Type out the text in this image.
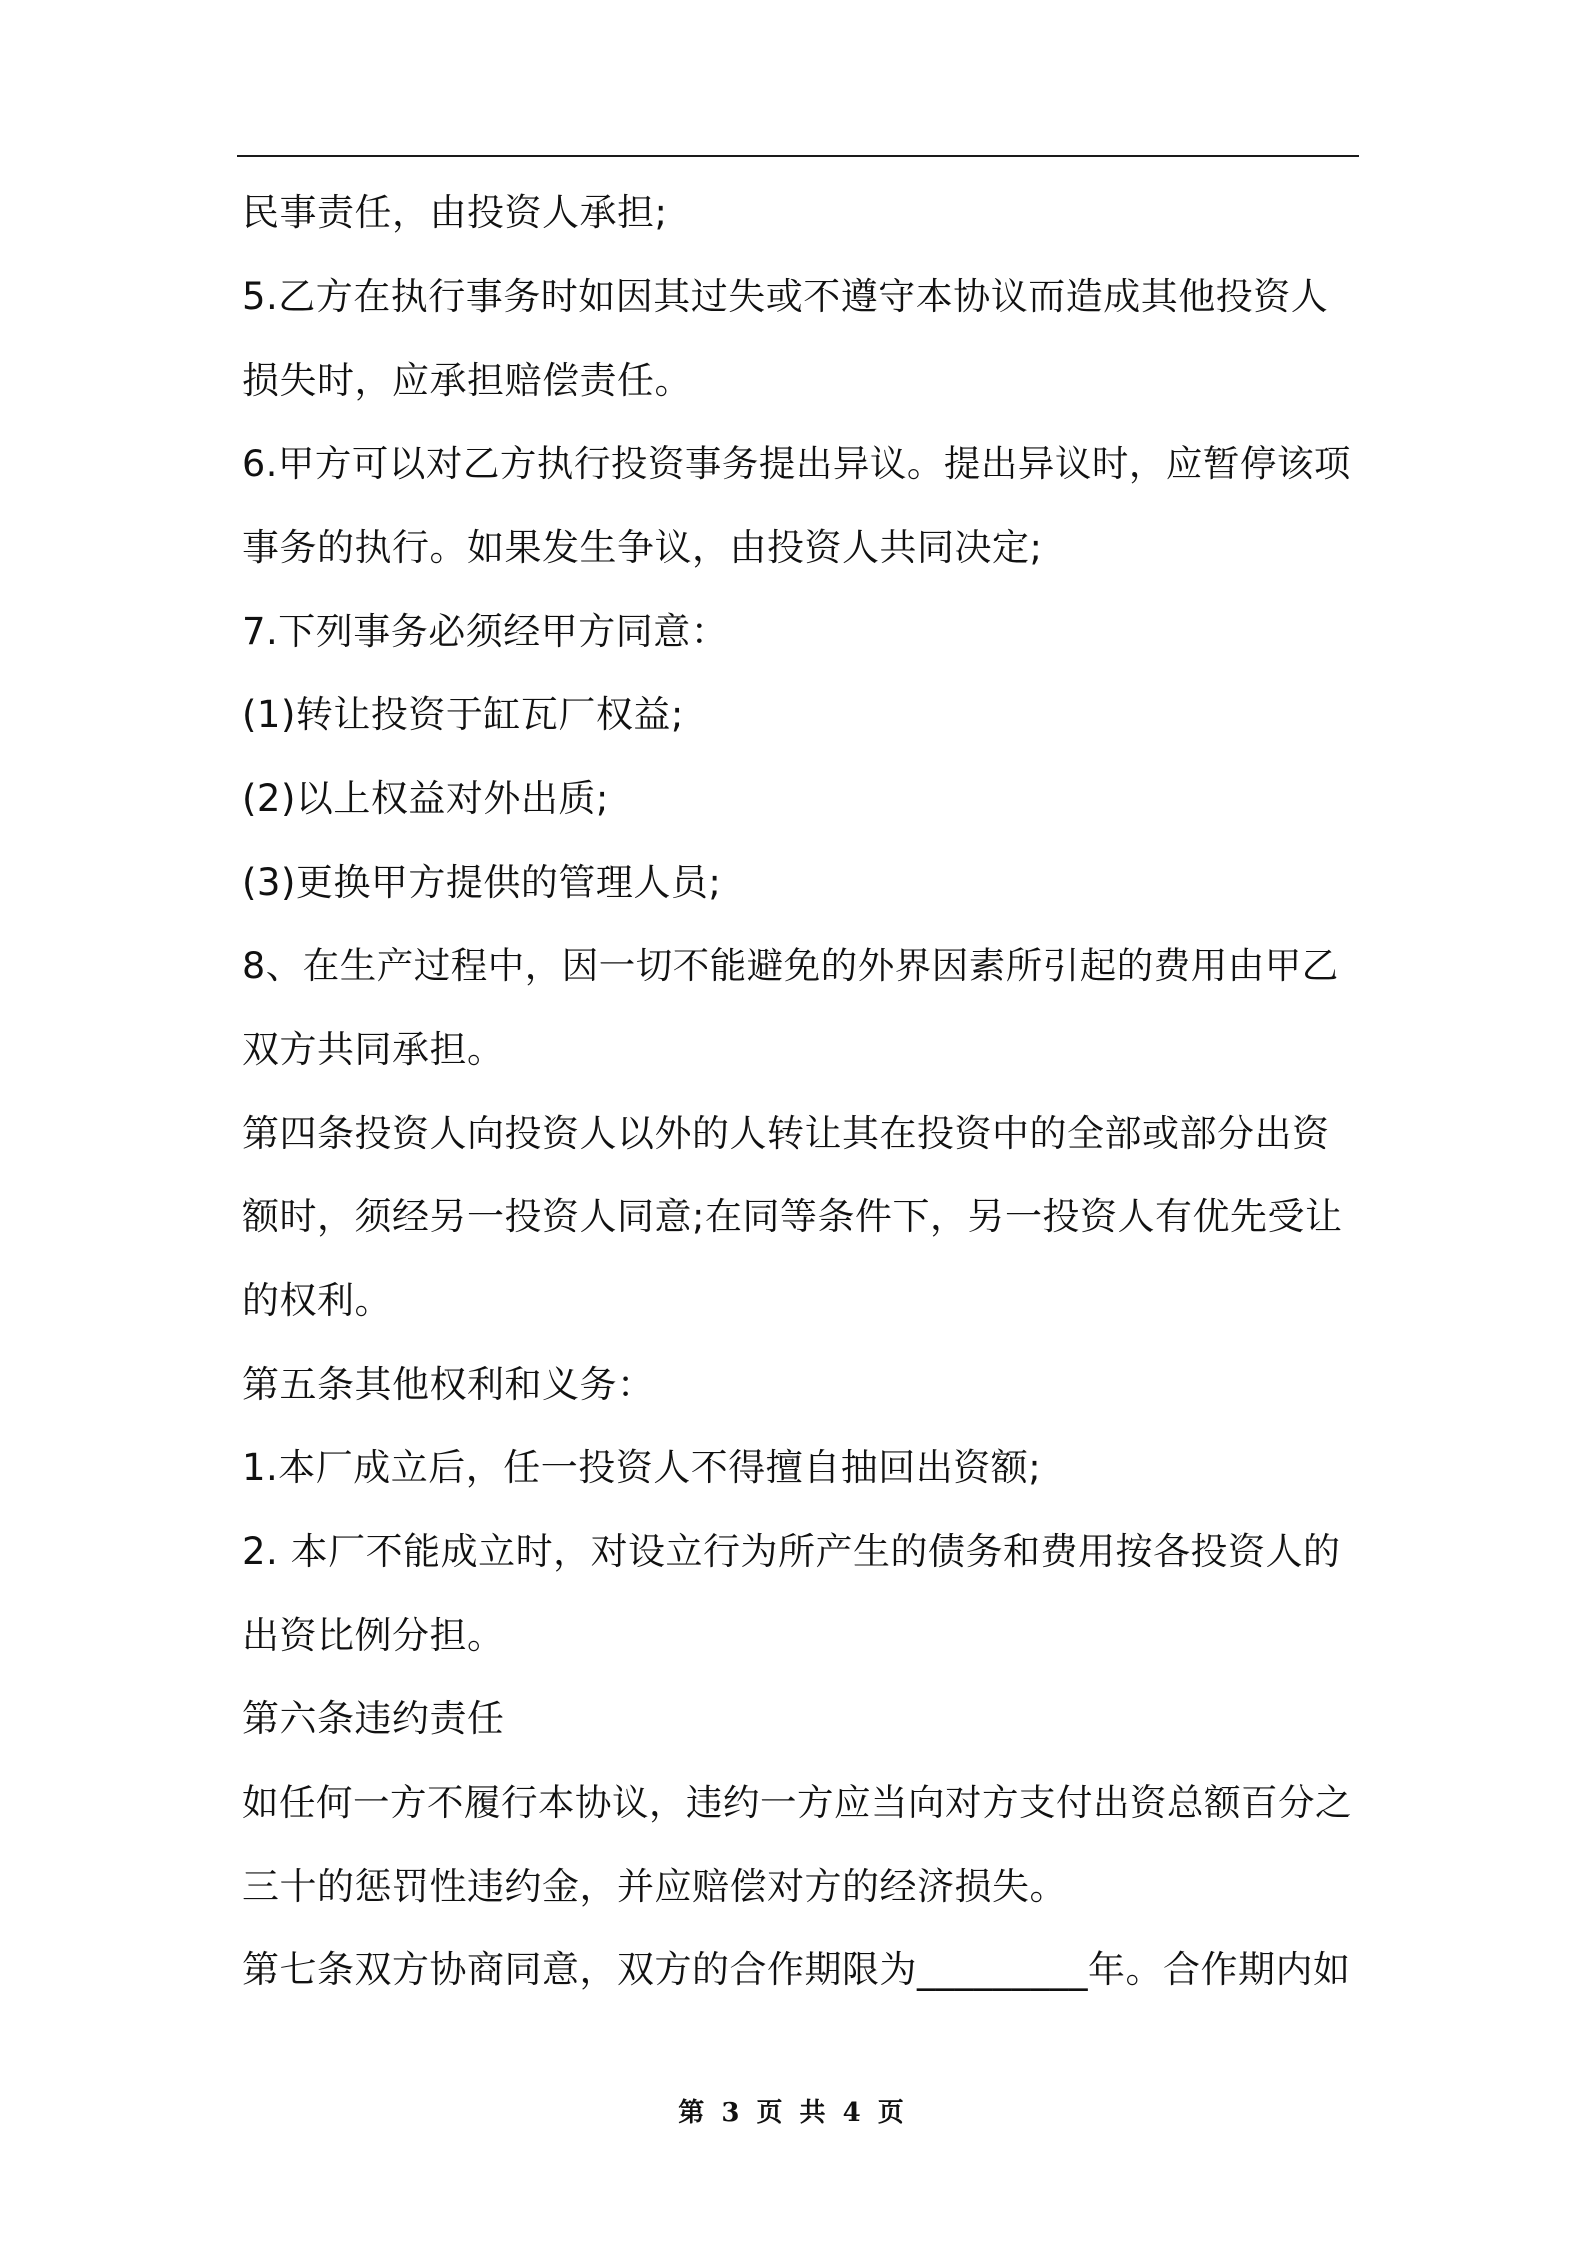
民事责任，由投资人承担;
5.乙方在执行事务时如因其过失或不遵守本协议而造成其他投资人
损失时，应承担赔偿责任。
6.甲方可以对乙方执行投资事务提出异议。提出异议时，应暂停该项
事务的执行。如果发生争议，由投资人共同决定;
7.下列事务必须经甲方同意：
(1)转让投资于缸瓦厂权益;
(2)以上权益对外出质;
(3)更换甲方提供的管理人员;
8、在生产过程中，因一切不能避免的外界因素所引起的费用由甲乙
双方共同承担。
第四条投资人向投资人以外的人转让其在投资中的全部或部分出资
额时，须经另一投资人同意;在同等条件下，另一投资人有优先受让
的权利。
第五条其他权利和义务：
1.本厂成立后，任一投资人不得擅自抽回出资额;
2. 本厂不能成立时，对设立行为所产生的债务和费用按各投资人的
出资比例分担。
第六条违约责任
如任何一方不履行本协议，违约一方应当向对方支付出资总额百分之
三十的惩罚性违约金，并应赔偿对方的经济损失。
第七条双方协商同意，双方的合作期限为_________年。合作期内如
第 3 页 共 4 页
